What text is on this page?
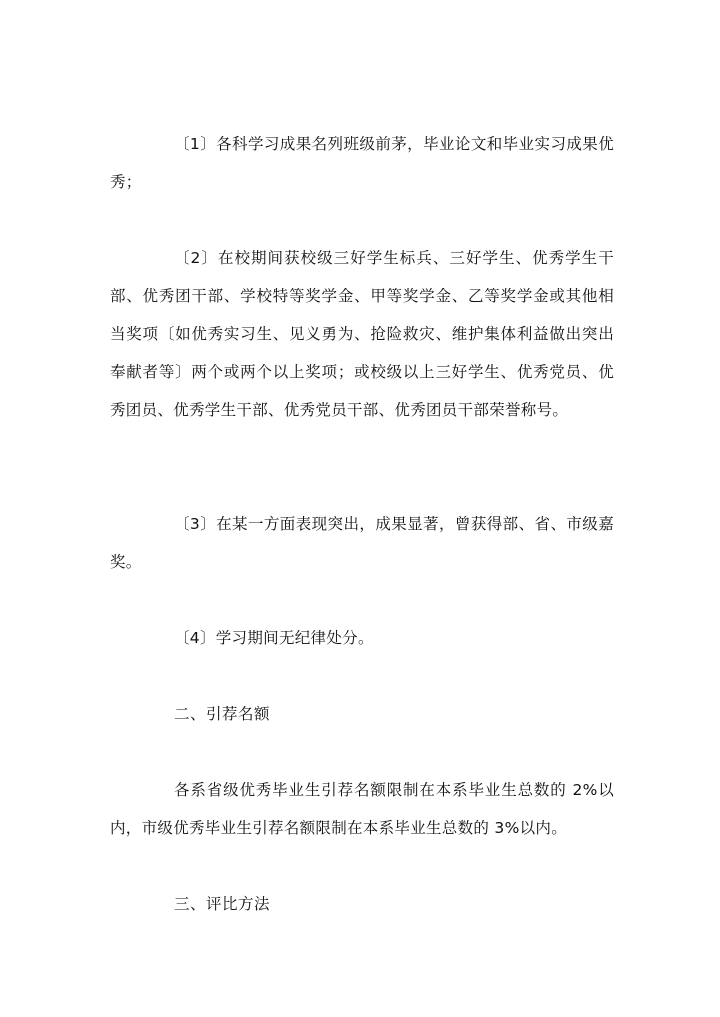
〔1〕各科学习成果名列班级前茅，毕业论文和毕业实习成果优秀；

〔2〕在校期间获校级三好学生标兵、三好学生、优秀学生干部、优秀团干部、学校特等奖学金、甲等奖学金、乙等奖学金或其他相当奖项〔如优秀实习生、见义勇为、抢险救灾、维护集体利益做出突出奉献者等〕两个或两个以上奖项；或校级以上三好学生、优秀党员、优秀团员、优秀学生干部、优秀党员干部、优秀团员干部荣誉称号。

〔3〕在某一方面表现突出，成果显著，曾获得部、省、市级嘉奖。

〔4〕学习期间无纪律处分。

二、引荐名额

各系省级优秀毕业生引荐名额限制在本系毕业生总数的 2%以内，市级优秀毕业生引荐名额限制在本系毕业生总数的 3%以内。

三、评比方法
